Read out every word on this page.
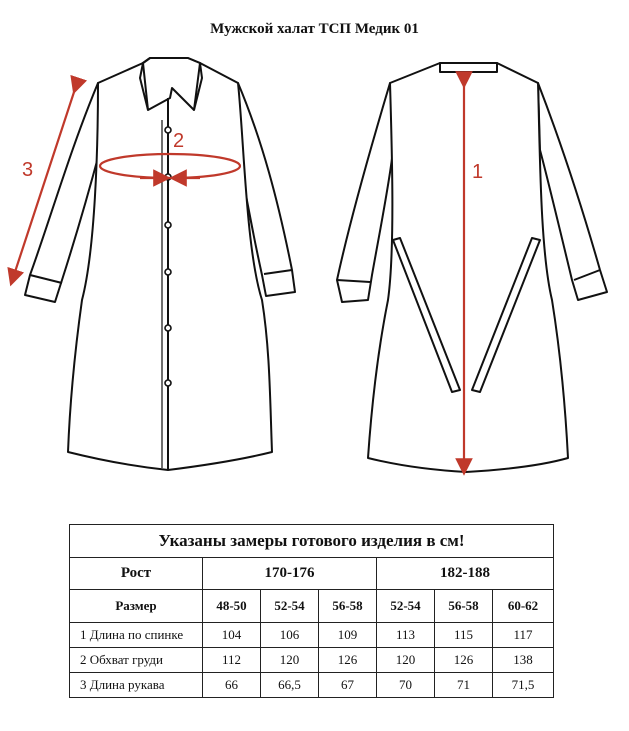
Мужской халат ТСП Медик 01
3
2
1
Указаны замеры готового изделия в см!						
Рост	170-176			182-188		
Размер	48-50	52-54	56-58	52-54	56-58	60-62
1 Длина по спинке	104	106	109	113	115	117
2 Обхват груди	112	120	126	120	126	138
3 Длина рукава	66	66,5	67	70	71	71,5
